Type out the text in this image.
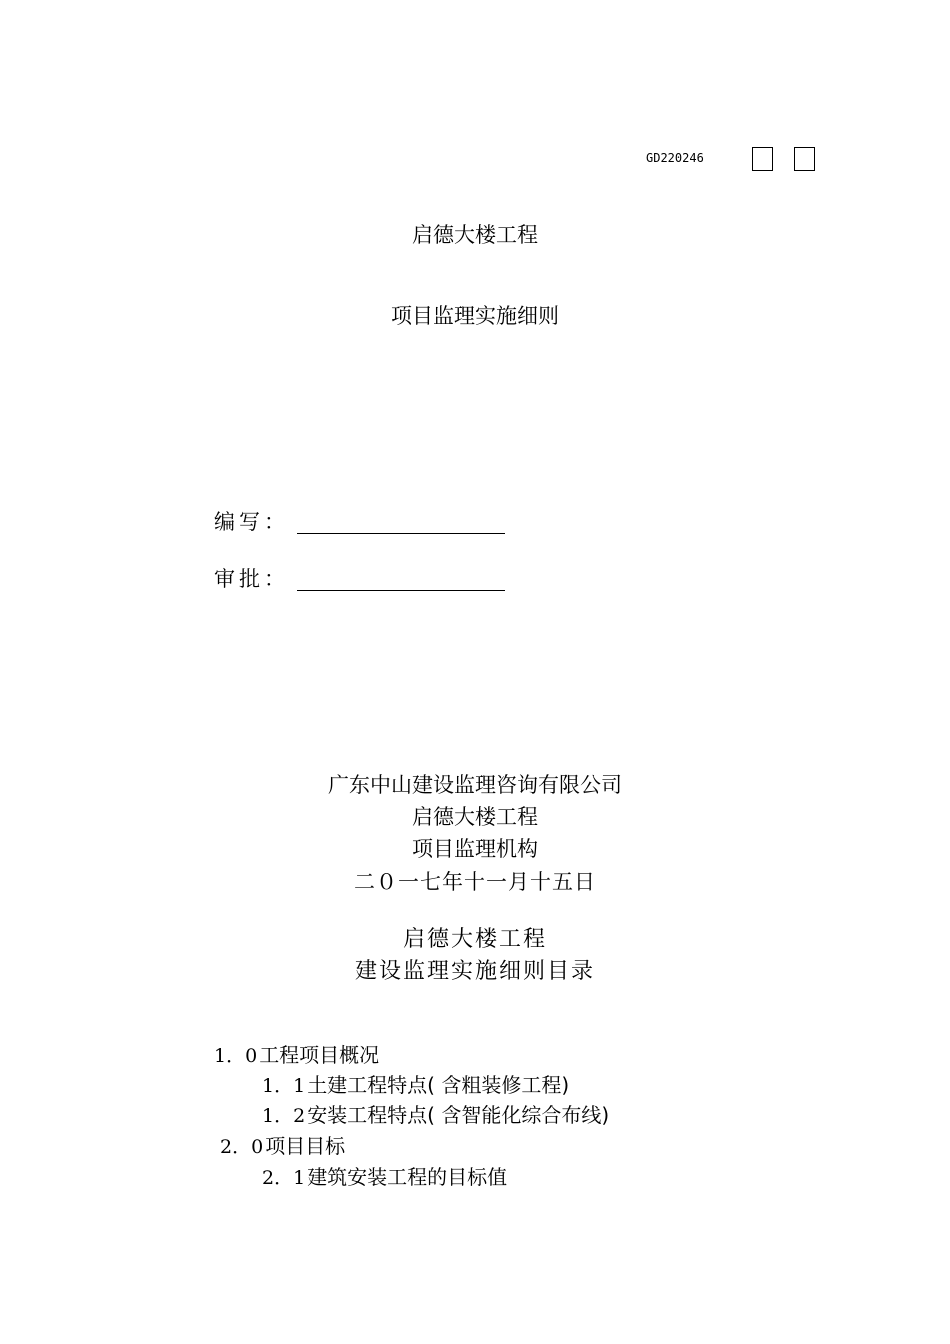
GD220246
启德大楼工程
项目监理实施细则
编写：
审批：
广东中山建设监理咨询有限公司
启德大楼工程
项目监理机构
二０一七年十一月十五日
启德大楼工程
建设监理实施细则目录
1．0 工程项目概况
1．1 土建工程特点( 含粗装修工程)
1．2 安装工程特点( 含智能化综合布线)
2．0 项目目标
2．1 建筑安装工程的目标值
